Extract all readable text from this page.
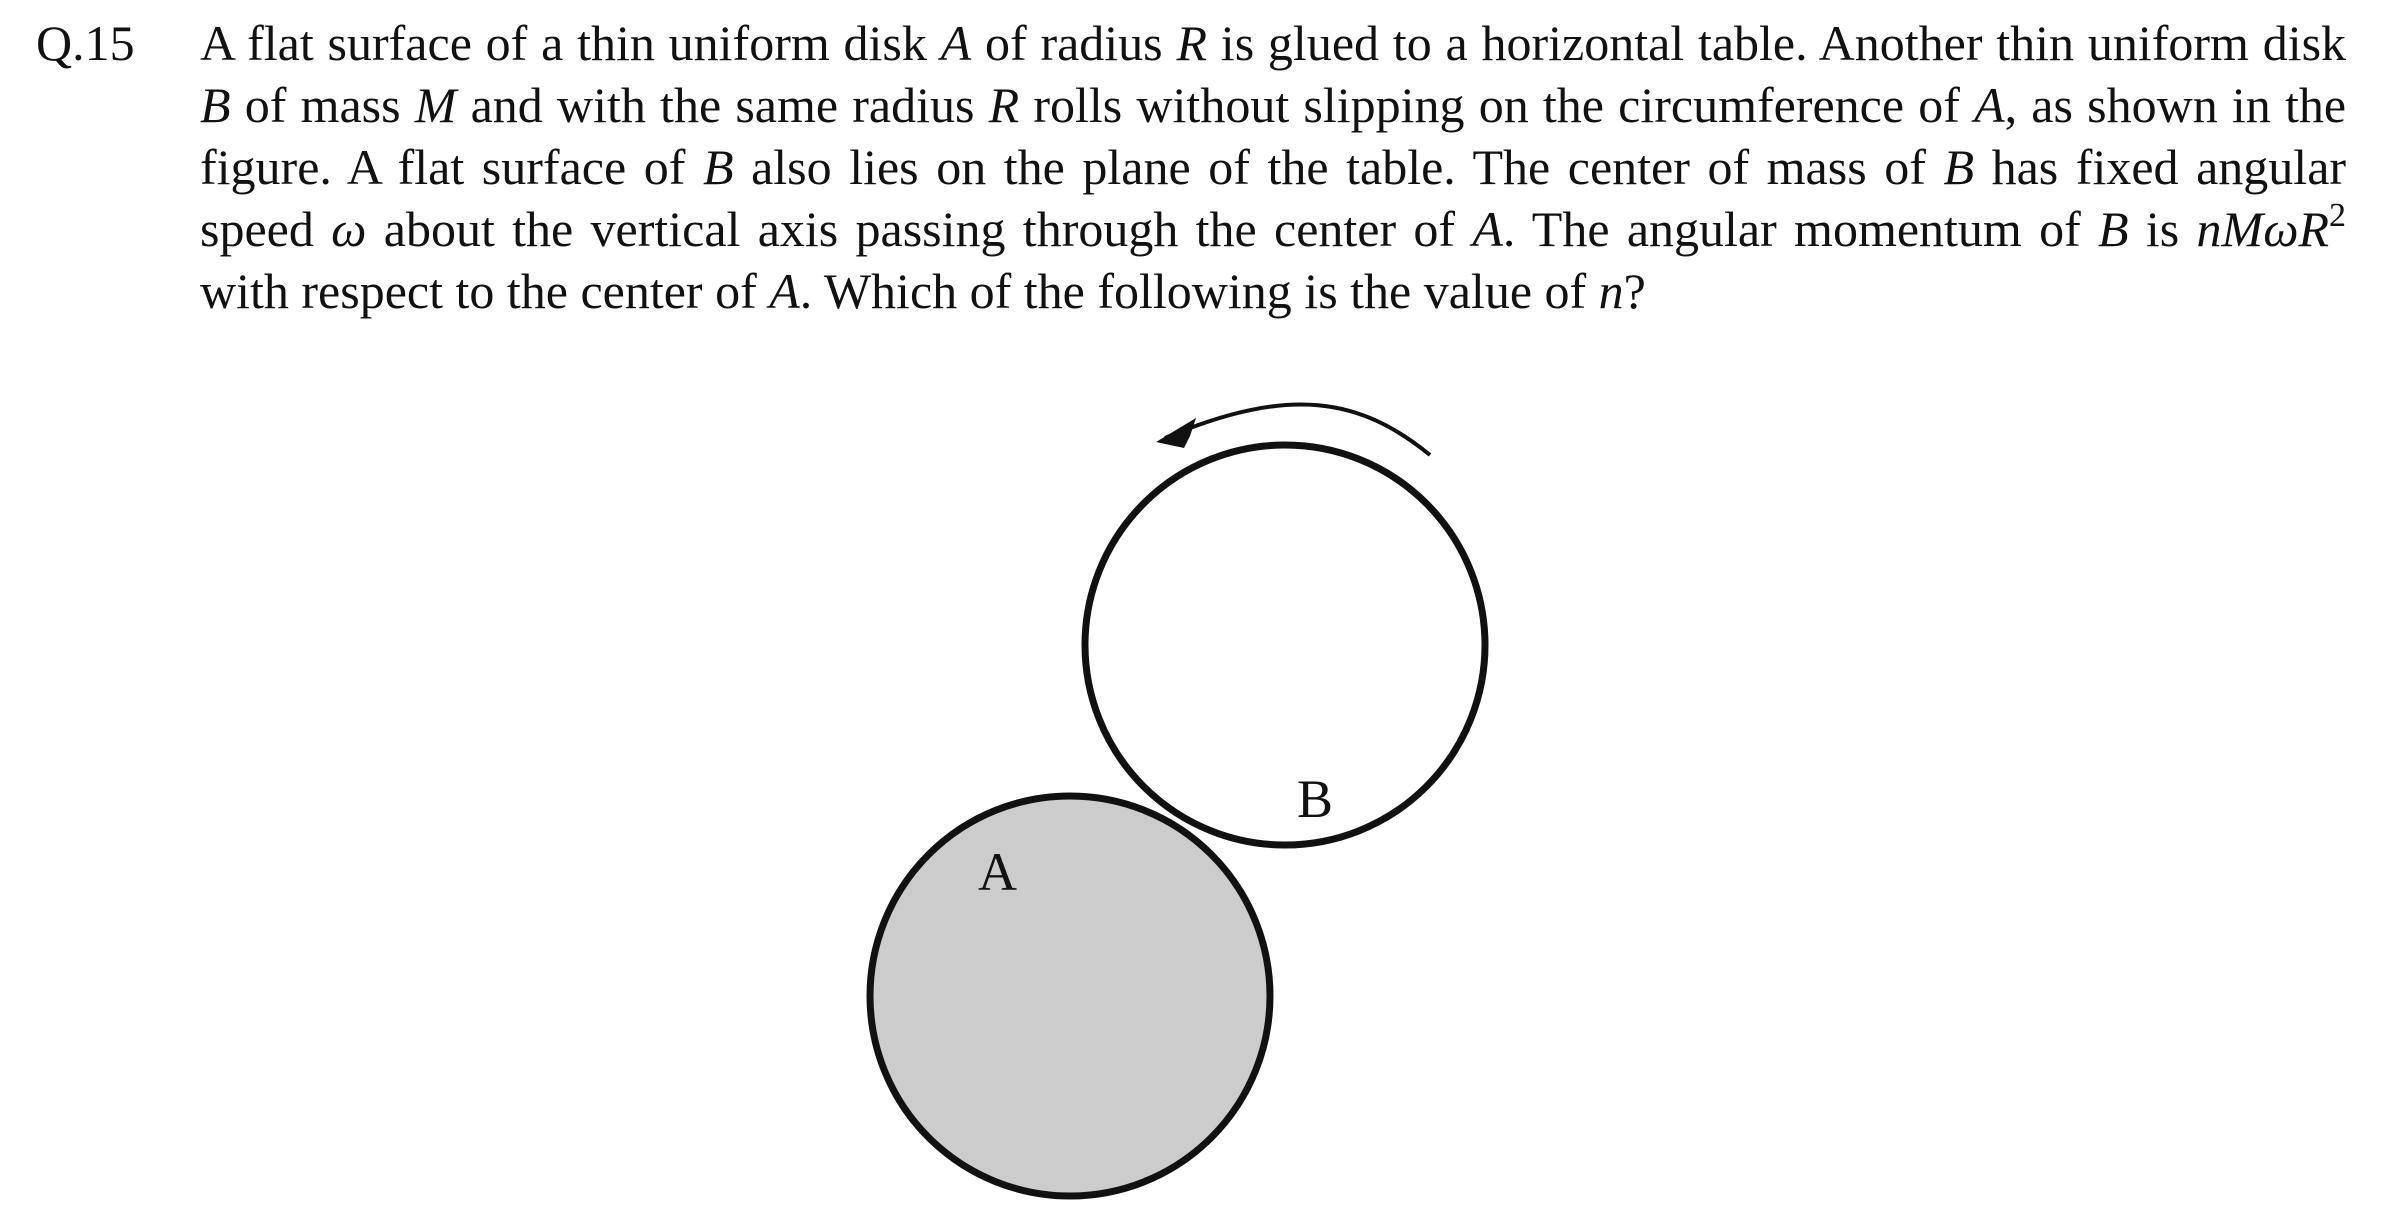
Q.15 A flat surface of a thin uniform disk A of radius R is glued to a horizontal table. Another thin uniform disk B of mass M and with the same radius R rolls without slipping on the circumference of A, as shown in the figure. A flat surface of B also lies on the plane of the table. The center of mass of B has fixed angular speed ω about the vertical axis passing through the center of A. The angular momentum of B is nMωR$^2$ with respect to the center of A. Which of the following is the value of n?
A
B
